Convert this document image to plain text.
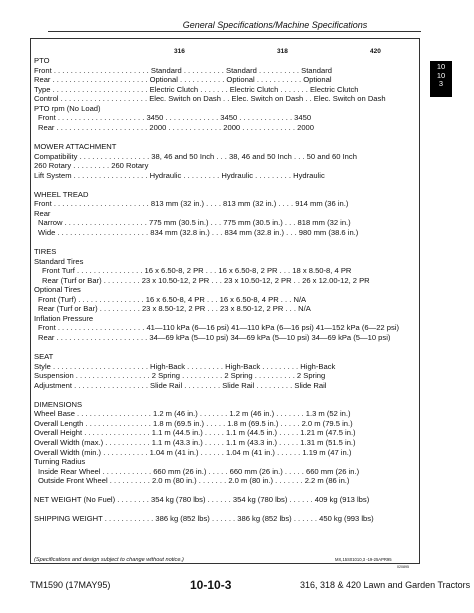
General Specifications/Machine Specifications
10
10
3
316	318	420
PTO
Front . . . . . . . . . . . . . . . . . . . . . . . Standard . . . . . . . . . . Standard . . . . . . . . . . Standard
Rear . . . . . . . . . . . . . . . . . . . . . . . Optional . . . . . . . . . . . Optional . . . . . . . . . . . Optional
Type . . . . . . . . . . . . . . . . . . . . . . . Electric Clutch . . . . . . . Electric Clutch . . . . . . . Electric Clutch
Control . . . . . . . . . . . . . . . . . . . . . Elec. Switch on Dash . . Elec. Switch on Dash . . Elec. Switch on Dash
PTO rpm (No Load)
Front . . . . . . . . . . . . . . . . . . . . . 3450 . . . . . . . . . . . . . 3450 . . . . . . . . . . . . . 3450
Rear . . . . . . . . . . . . . . . . . . . . . . 2000 . . . . . . . . . . . . . 2000 . . . . . . . . . . . . . 2000
MOWER ATTACHMENT
Compatibility . . . . . . . . . . . . . . . . . 38, 46 and 50 Inch . . . 38, 46 and 50 Inch . . . 50 and 60 Inch
260 Rotary . . . . . . . . . 260 Rotary
Lift System . . . . . . . . . . . . . . . . . . Hydraulic . . . . . . . . . Hydraulic . . . . . . . . . Hydraulic
WHEEL TREAD
Front . . . . . . . . . . . . . . . . . . . . . . . 813 mm (32 in.) . . . . 813 mm (32 in.) . . . . 914 mm (36 in.)
Rear
Narrow . . . . . . . . . . . . . . . . . . . . 775 mm (30.5 in.) . . . 775 mm (30.5 in.) . . . 818 mm (32 in.)
Wide . . . . . . . . . . . . . . . . . . . . . . 834 mm (32.8 in.) . . . 834 mm (32.8 in.) . . . 980 mm (38.6 in.)
TIRES
Standard Tires
Front Turf . . . . . . . . . . . . . . . . 16 x 6.50-8, 2 PR . . . 16 x 6.50-8, 2 PR . . . 18 x 8.50-8, 4 PR
Rear (Turf or Bar) . . . . . . . . . 23 x 10.50-12, 2 PR . . . 23 x 10.50-12, 2 PR . . 26 x 12.00-12, 2 PR
Optional Tires
Front (Turf) . . . . . . . . . . . . . . . . 16 x 6.50-8, 4 PR . . . 16 x 6.50-8, 4 PR . . . N/A
Rear (Turf or Bar) . . . . . . . . . . 23 x 8.50-12, 2 PR . . . 23 x 8.50-12, 2 PR . . . N/A
Inflation Pressure
Front . . . . . . . . . . . . . . . . . . . . . 41—110 kPa (6—16 psi) 41—110 kPa (6—16 psi) 41—152 kPa (6—22 psi)
Rear . . . . . . . . . . . . . . . . . . . . . . 34—69 kPa (5—10 psi) 34—69 kPa (5—10 psi) 34—69 kPa (5—10 psi)
SEAT
Style . . . . . . . . . . . . . . . . . . . . . . . High-Back . . . . . . . . . High-Back . . . . . . . . . High-Back
Suspension . . . . . . . . . . . . . . . . . . 2 Spring . . . . . . . . . . 2 Spring . . . . . . . . . . 2 Spring
Adjustment . . . . . . . . . . . . . . . . . . Slide Rail . . . . . . . . . Slide Rail . . . . . . . . . Slide Rail
DIMENSIONS
Wheel Base . . . . . . . . . . . . . . . . . . 1.2 m (46 in.) . . . . . . . 1.2 m (46 in.) . . . . . . . 1.3 m (52 in.)
Overall Length . . . . . . . . . . . . . . . . 1.8 m (69.5 in.) . . . . . 1.8 m (69.5 in.) . . . . . 2.0 m (79.5 in.)
Overall Height . . . . . . . . . . . . . . . . 1.1 m (44.5 in.) . . . . . 1.1 m (44.5 in.) . . . . . 1.21 m (47.5 in.)
Overall Width (max.) . . . . . . . . . . . 1.1 m (43.3 in.) . . . . . 1.1 m (43.3 in.) . . . . . 1.31 m (51.5 in.)
Overall Width (min.) . . . . . . . . . . . 1.04 m (41 in.) . . . . . . 1.04 m (41 in.) . . . . . . 1.19 m (47 in.)
Turning Radius
Inside Rear Wheel . . . . . . . . . . . . 660 mm (26 in.) . . . . . 660 mm (26 in.) . . . . . 660 mm (26 in.)
Outside Front Wheel . . . . . . . . . . 2.0 m (80 in.) . . . . . . . 2.0 m (80 in.) . . . . . . . 2.2 m (86 in.)
NET WEIGHT (No Fuel) . . . . . . . . 354 kg (780 lbs) . . . . . . 354 kg (780 lbs) . . . . . . 409 kg (913 lbs)
SHIPPING WEIGHT . . . . . . . . . . . . 386 kg (852 lbs) . . . . . . 386 kg (852 lbs) . . . . . . 450 kg (993 lbs)
(Specifications and design subject to change without notice.)	MX,15S01010,3 -19-25APR95
020895
TM1590 (17MAY95)	10-10-3	316, 318 & 420 Lawn and Garden Tractors
